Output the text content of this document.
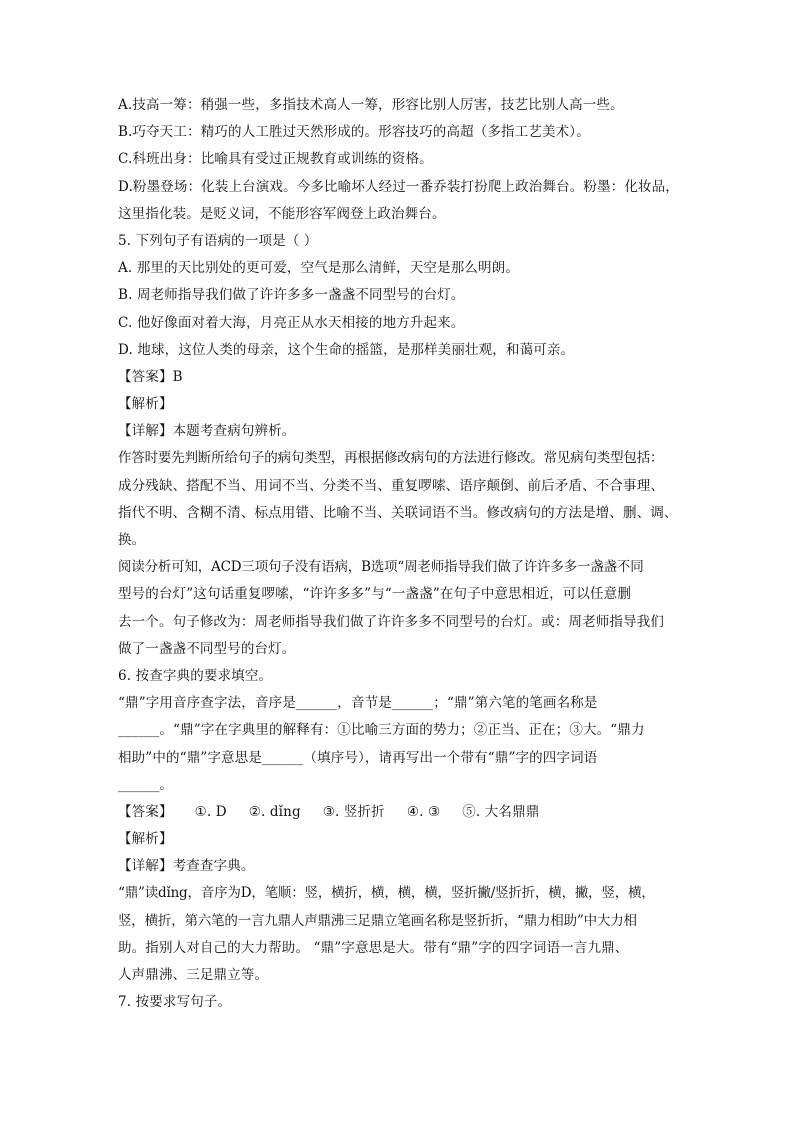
A.技高一筹：稍强一些，多指技术高人一筹，形容比别人厉害，技艺比别人高一些。
B.巧夺天工：精巧的人工胜过天然形成的。形容技巧的高超（多指工艺美术）。
C.科班出身：比喻具有受过正规教育或训练的资格。
D.粉墨登场：化装上台演戏。今多比喻坏人经过一番乔装打扮爬上政治舞台。粉墨：化妆品，
这里指化装。是贬义词，不能形容军阀登上政治舞台。
5. 下列句子有语病的一项是（ ）
A. 那里的天比别处的更可爱，空气是那么清鲜，天空是那么明朗。
B. 周老师指导我们做了许许多多一盏盏不同型号的台灯。
C. 他好像面对着大海，月亮正从水天相接的地方升起来。
D. 地球，这位人类的母亲，这个生命的摇篮，是那样美丽壮观，和蔼可亲。
【答案】B
【解析】
【详解】本题考查病句辨析。
作答时要先判断所给句子的病句类型，再根据修改病句的方法进行修改。常见病句类型包括：
成分残缺、搭配不当、用词不当、分类不当、重复啰嗦、语序颠倒、前后矛盾、不合事理、
指代不明、含糊不清、标点用错、比喻不当、关联词语不当。修改病句的方法是增、删、调、
换。
阅读分析可知，ACD三项句子没有语病，B选项“周老师指导我们做了许许多多一盏盏不同
型号的台灯”这句话重复啰嗦，“许许多多”与“一盏盏”在句子中意思相近，可以任意删
去一个。句子修改为：周老师指导我们做了许许多多不同型号的台灯。或：周老师指导我们
做了一盏盏不同型号的台灯。
6. 按查字典的要求填空。
“鼎”字用音序查字法，音序是______，音节是______；“鼎”第六笔的笔画名称是
______。“鼎”字在字典里的解释有：①比喻三方面的势力；②正当、正在；③大。“鼎力
相助”中的“鼎”字意思是______（填序号），请再写出一个带有“鼎”字的四字词语
______。
【答案】 ①. D ②. dǐng ③. 竖折折 ④. ③ ⑤. 大名鼎鼎
【解析】
【详解】考查查字典。
“鼎”读dǐng，音序为D，笔顺：竖，横折，横，横，横，竖折撇/竖折折，横，撇，竖，横，
竖，横折，第六笔的一言九鼎人声鼎沸三足鼎立笔画名称是竖折折，“鼎力相助”中大力相
助。指别人对自己的大力帮助。 “鼎”字意思是大。带有“鼎”字的四字词语一言九鼎、
人声鼎沸、三足鼎立等。
7. 按要求写句子。
